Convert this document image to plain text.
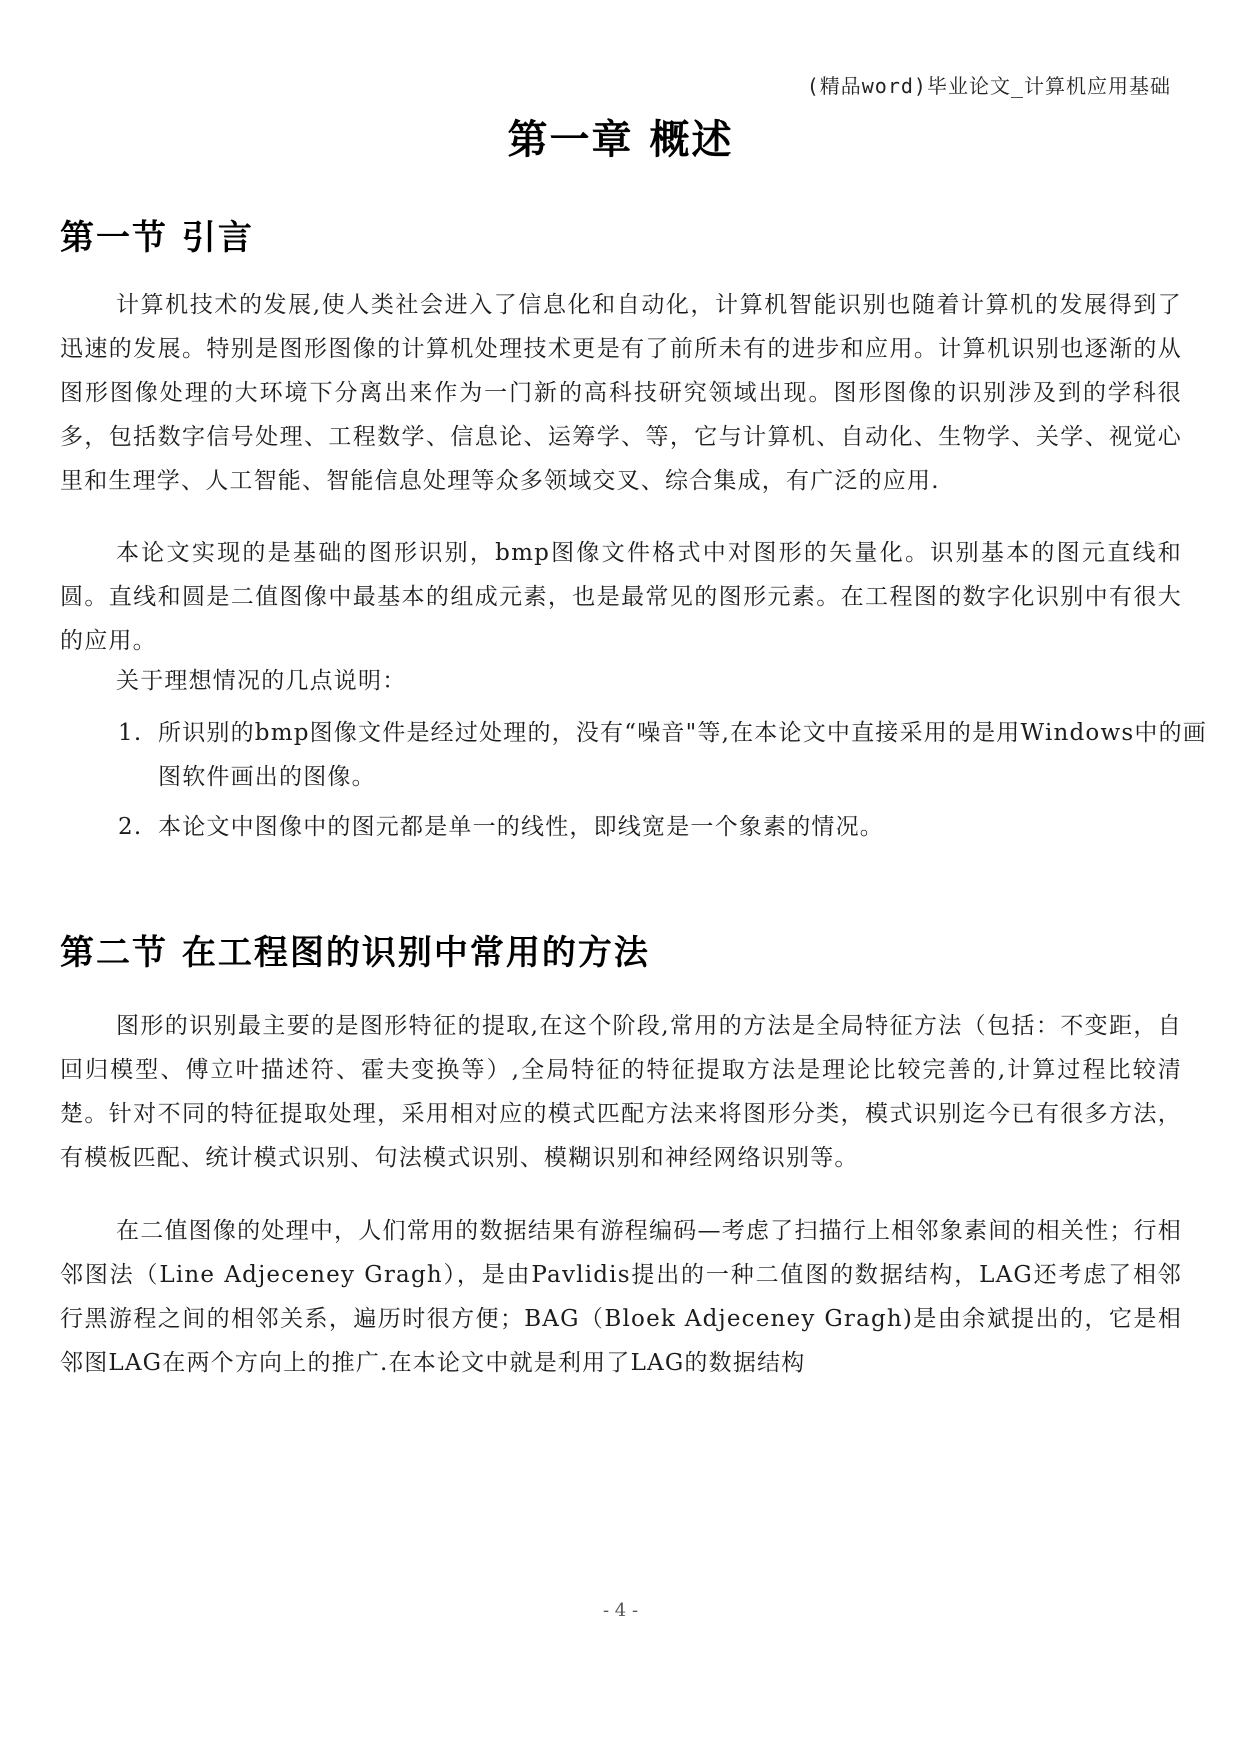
(精品word)毕业论文_计算机应用基础
第一章 概述
第一节 引言

计算机技术的发展,使人类社会进入了信息化和自动化，计算机智能识别也随着计算机的发展得到了迅速的发展。特别是图形图像的计算机处理技术更是有了前所未有的进步和应用。计算机识别也逐渐的从图形图像处理的大环境下分离出来作为一门新的高科技研究领域出现。图形图像的识别涉及到的学科很多，包括数字信号处理、工程数学、信息论、运筹学、等，它与计算机、自动化、生物学、关学、视觉心里和生理学、人工智能、智能信息处理等众多领域交叉、综合集成，有广泛的应用.

本论文实现的是基础的图形识别，bmp图像文件格式中对图形的矢量化。识别基本的图元直线和圆。直线和圆是二值图像中最基本的组成元素，也是最常见的图形元素。在工程图的数字化识别中有很大的应用。

关于理想情况的几点说明：

1. 所识别的bmp图像文件是经过处理的，没有“噪音"等,在本论文中直接采用的是用Windows中的画图软件画出的图像。
2. 本论文中图像中的图元都是单一的线性，即线宽是一个象素的情况。
第二节 在工程图的识别中常用的方法

图形的识别最主要的是图形特征的提取,在这个阶段,常用的方法是全局特征方法（包括：不变距，自回归模型、傅立叶描述符、霍夫变换等）,全局特征的特征提取方法是理论比较完善的,计算过程比较清楚。针对不同的特征提取处理，采用相对应的模式匹配方法来将图形分类，模式识别迄今已有很多方法，有模板匹配、统计模式识别、句法模式识别、模糊识别和神经网络识别等。

在二值图像的处理中，人们常用的数据结果有游程编码—考虑了扫描行上相邻象素间的相关性；行相邻图法（Line Adjeceney Gragh），是由Pavlidis提出的一种二值图的数据结构，LAG还考虑了相邻行黑游程之间的相邻关系，遍历时很方便；BAG（Bloek Adjeceney Gragh)是由余斌提出的，它是相邻图LAG在两个方向上的推广.在本论文中就是利用了LAG的数据结构

- 4 -
